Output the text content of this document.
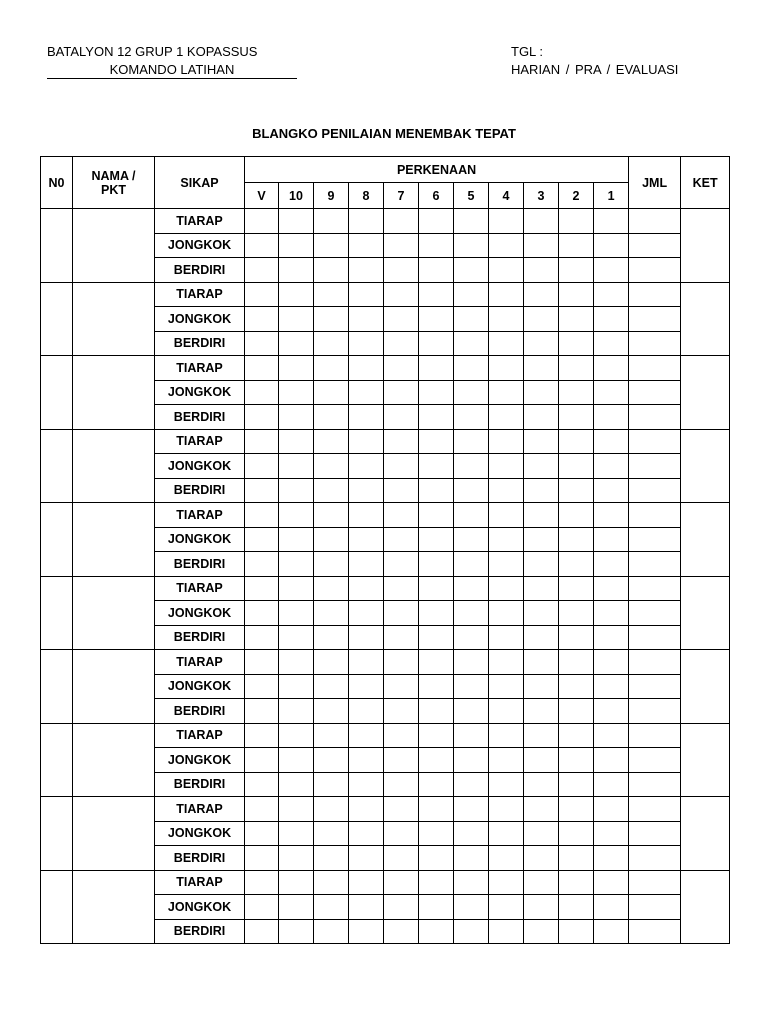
BATALYON 12 GRUP 1 KOPASSUS
KOMANDO LATIHAN
TGL :
HARIAN / PRA / EVALUASI
BLANGKO PENILAIAN MENEMBAK TEPAT
N0	NAMA /
PKT	SIKAP	PERKENAAN											JML	KET
			V	10	9	8	7	6	5	4	3	2	1		
		TIARAP													
		JONGKOK													
		BERDIRI													
		TIARAP													
		JONGKOK													
		BERDIRI													
		TIARAP													
		JONGKOK													
		BERDIRI													
		TIARAP													
		JONGKOK													
		BERDIRI													
		TIARAP													
		JONGKOK													
		BERDIRI													
		TIARAP													
		JONGKOK													
		BERDIRI													
		TIARAP													
		JONGKOK													
		BERDIRI													
		TIARAP													
		JONGKOK													
		BERDIRI													
		TIARAP													
		JONGKOK													
		BERDIRI													
		TIARAP													
		JONGKOK													
		BERDIRI													
